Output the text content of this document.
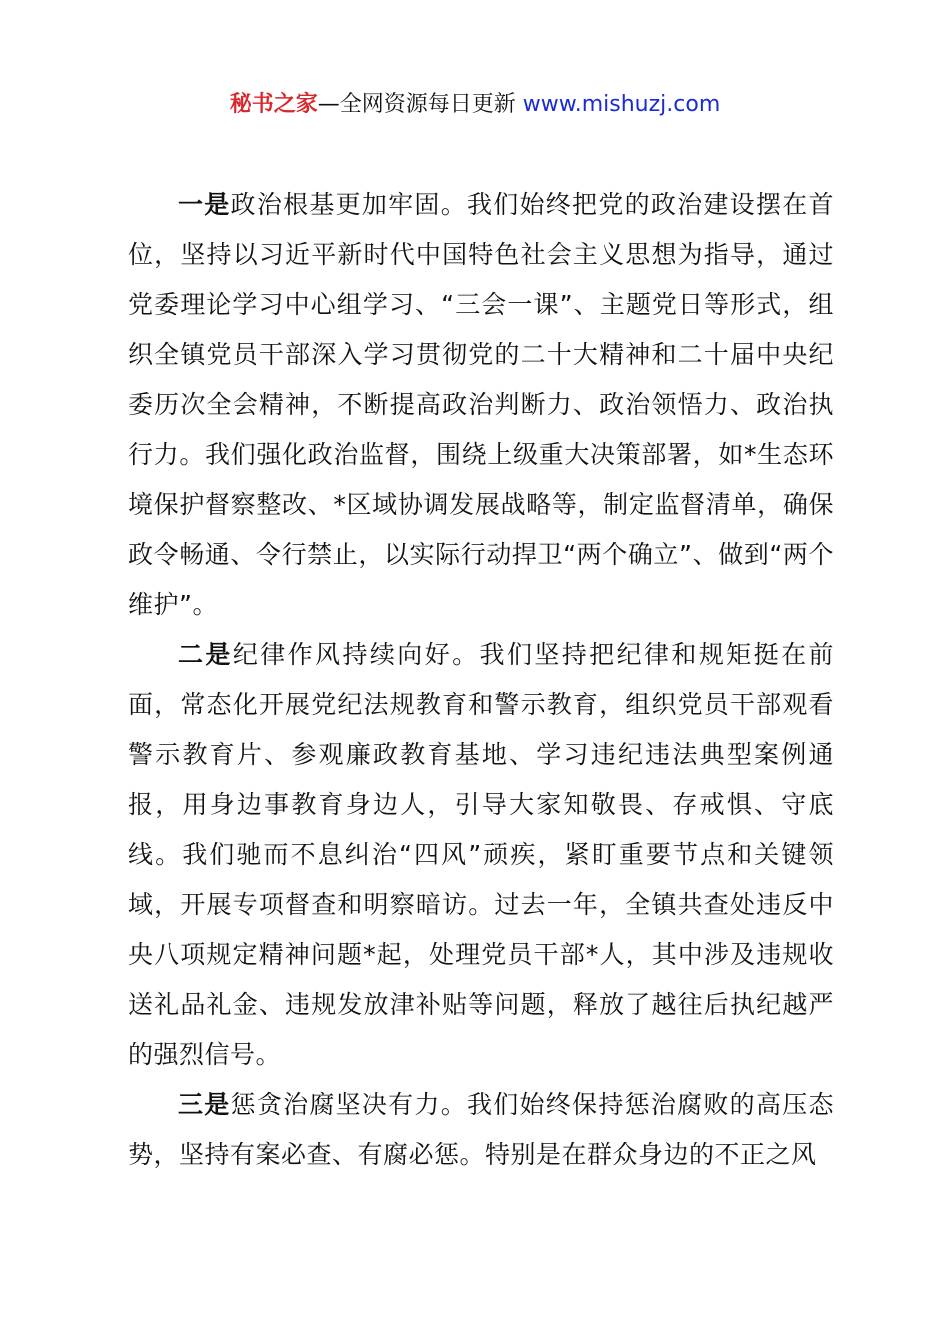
秘书之家—全网资源每日更新 www.mishuzj.com

一是政治根基更加牢固。我们始终把党的政治建设摆在首位，坚持以习近平新时代中国特色社会主义思想为指导，通过党委理论学习中心组学习、“三会一课”、主题党日等形式，组织全镇党员干部深入学习贯彻党的二十大精神和二十届中央纪委历次全会精神，不断提高政治判断力、政治领悟力、政治执行力。我们强化政治监督，围绕上级重大决策部署，如*生态环境保护督察整改、*区域协调发展战略等，制定监督清单，确保政令畅通、令行禁止，以实际行动捍卫“两个确立”、做到“两个维护”。

二是纪律作风持续向好。我们坚持把纪律和规矩挺在前面，常态化开展党纪法规教育和警示教育，组织党员干部观看警示教育片、参观廉政教育基地、学习违纪违法典型案例通报，用身边事教育身边人，引导大家知敬畏、存戒惧、守底线。我们驰而不息纠治“四风”顽疾，紧盯重要节点和关键领域，开展专项督查和明察暗访。过去一年，全镇共查处违反中央八项规定精神问题*起，处理党员干部*人，其中涉及违规收送礼品礼金、违规发放津补贴等问题，释放了越往后执纪越严的强烈信号。

三是惩贪治腐坚决有力。我们始终保持惩治腐败的高压态势，坚持有案必查、有腐必惩。特别是在群众身边的不正之风
